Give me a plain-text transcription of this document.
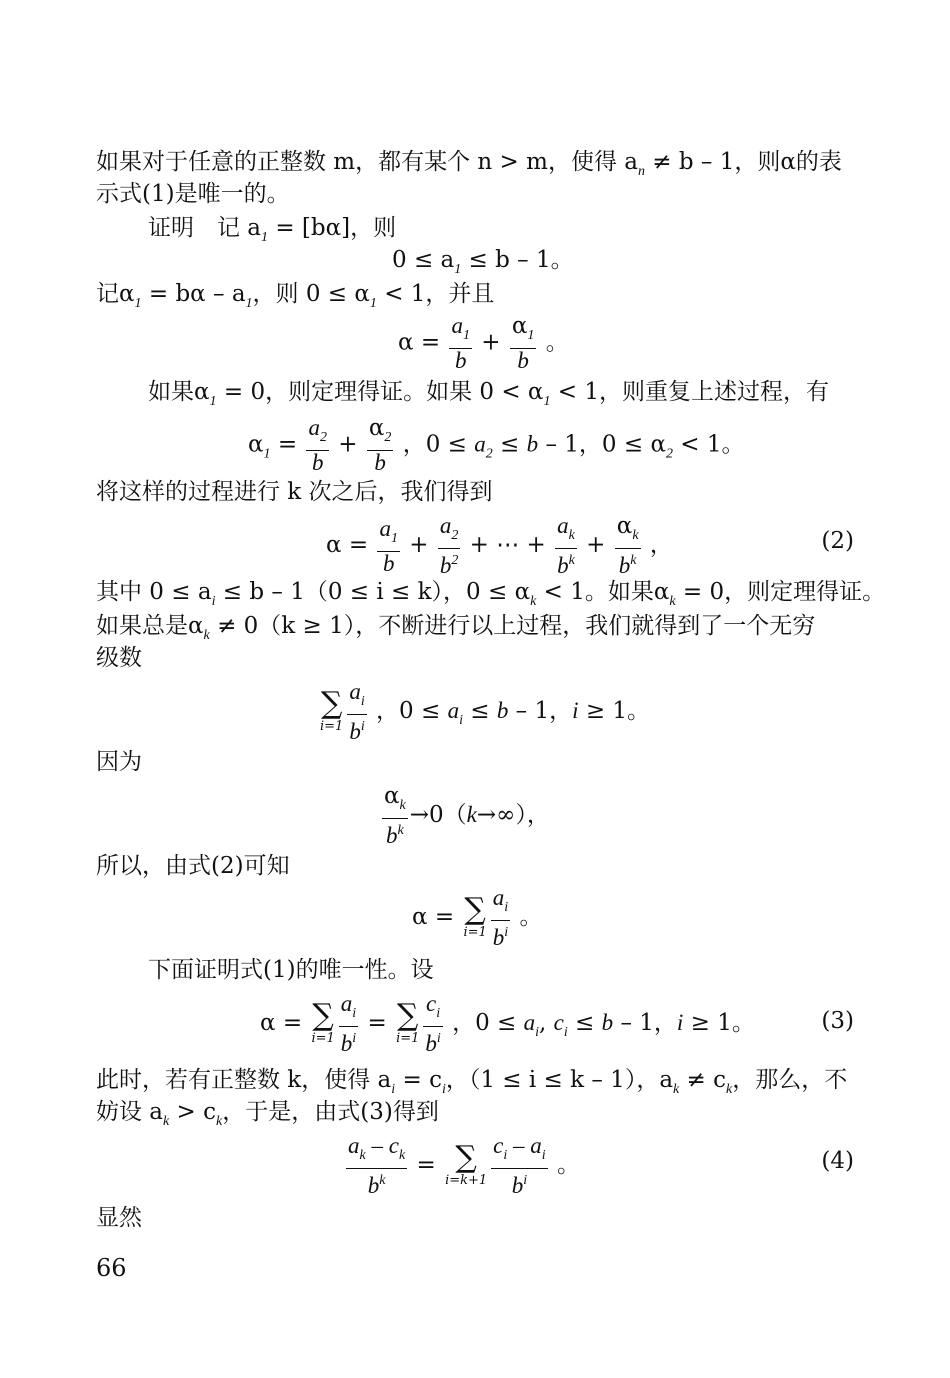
如果对于任意的正整数 m，都有某个 n > m，使得 $a_n \ne b - 1$，则α的表
示式(1)是唯一的。
证明　记 $a_1 = [b\alpha]$，则
$0 \le a_1 \le b - 1$。
记$\alpha_1 = b\alpha - a_1$，则 $0 \le \alpha_1 < 1$，并且
$\alpha = \frac{a_1}{b} + \frac{\alpha_1}{b}$ 。
如果$\alpha_1 = 0$，则定理得证。如果 $0 < \alpha_1 < 1$，则重复上述过程，有
$\alpha_1 = \frac{a_2}{b} + \frac{\alpha_2}{b}$ ，$0 \le a_2 \le b - 1$，$0 \le \alpha_2 < 1$。
将这样的过程进行 k 次之后，我们得到
$\alpha = \frac{a_1}{b} + \frac{a_2}{b^2}$ + ⋯ + $\frac{a_k}{b^k} + \frac{\alpha_k}{b^k}$ ，	(2)
其中 $0 \le a_i \le b - 1(0 \le i \le k)$，$0 \le \alpha_k < 1$。如果$\alpha_k = 0$，则定理得证。
如果总是$\alpha_k \ne 0(k \ge 1)$，不断进行以上过程，我们就得到了一个无穷
级数
∑
$i=1 \frac{a_i}{b^i}$ ，$0 \le a_i \le b - 1$，i ≥ 1。
因为
$\frac{\alpha_k}{b^k} \to 0(k\to\infty)$，
所以，由式(2)可知
α = ∑
$i=1 \frac{a_i}{b^i}$ 。
下面证明式(1)的唯一性。设
α = ∑
$i=1 \frac{a_i}{b^i}$ = ∑
$i=1 \frac{c_i}{b^i}$ ，$0 \le a_i$, $c_i \le b - 1$，i ≥ 1。	(3)
此时，若有正整数 k，使得 $a_i = c_i$，（1 ≤ i ≤ k – 1），$a_k \ne c_k$，那么，不
妨设 $a_k > c_k$，于是，由式(3)得到
$\frac{a_k - c_k}{b^k}$ = ∑
$i=k+1 \frac{c_i - a_i}{b^i}$ 。	(4)
显然
66
